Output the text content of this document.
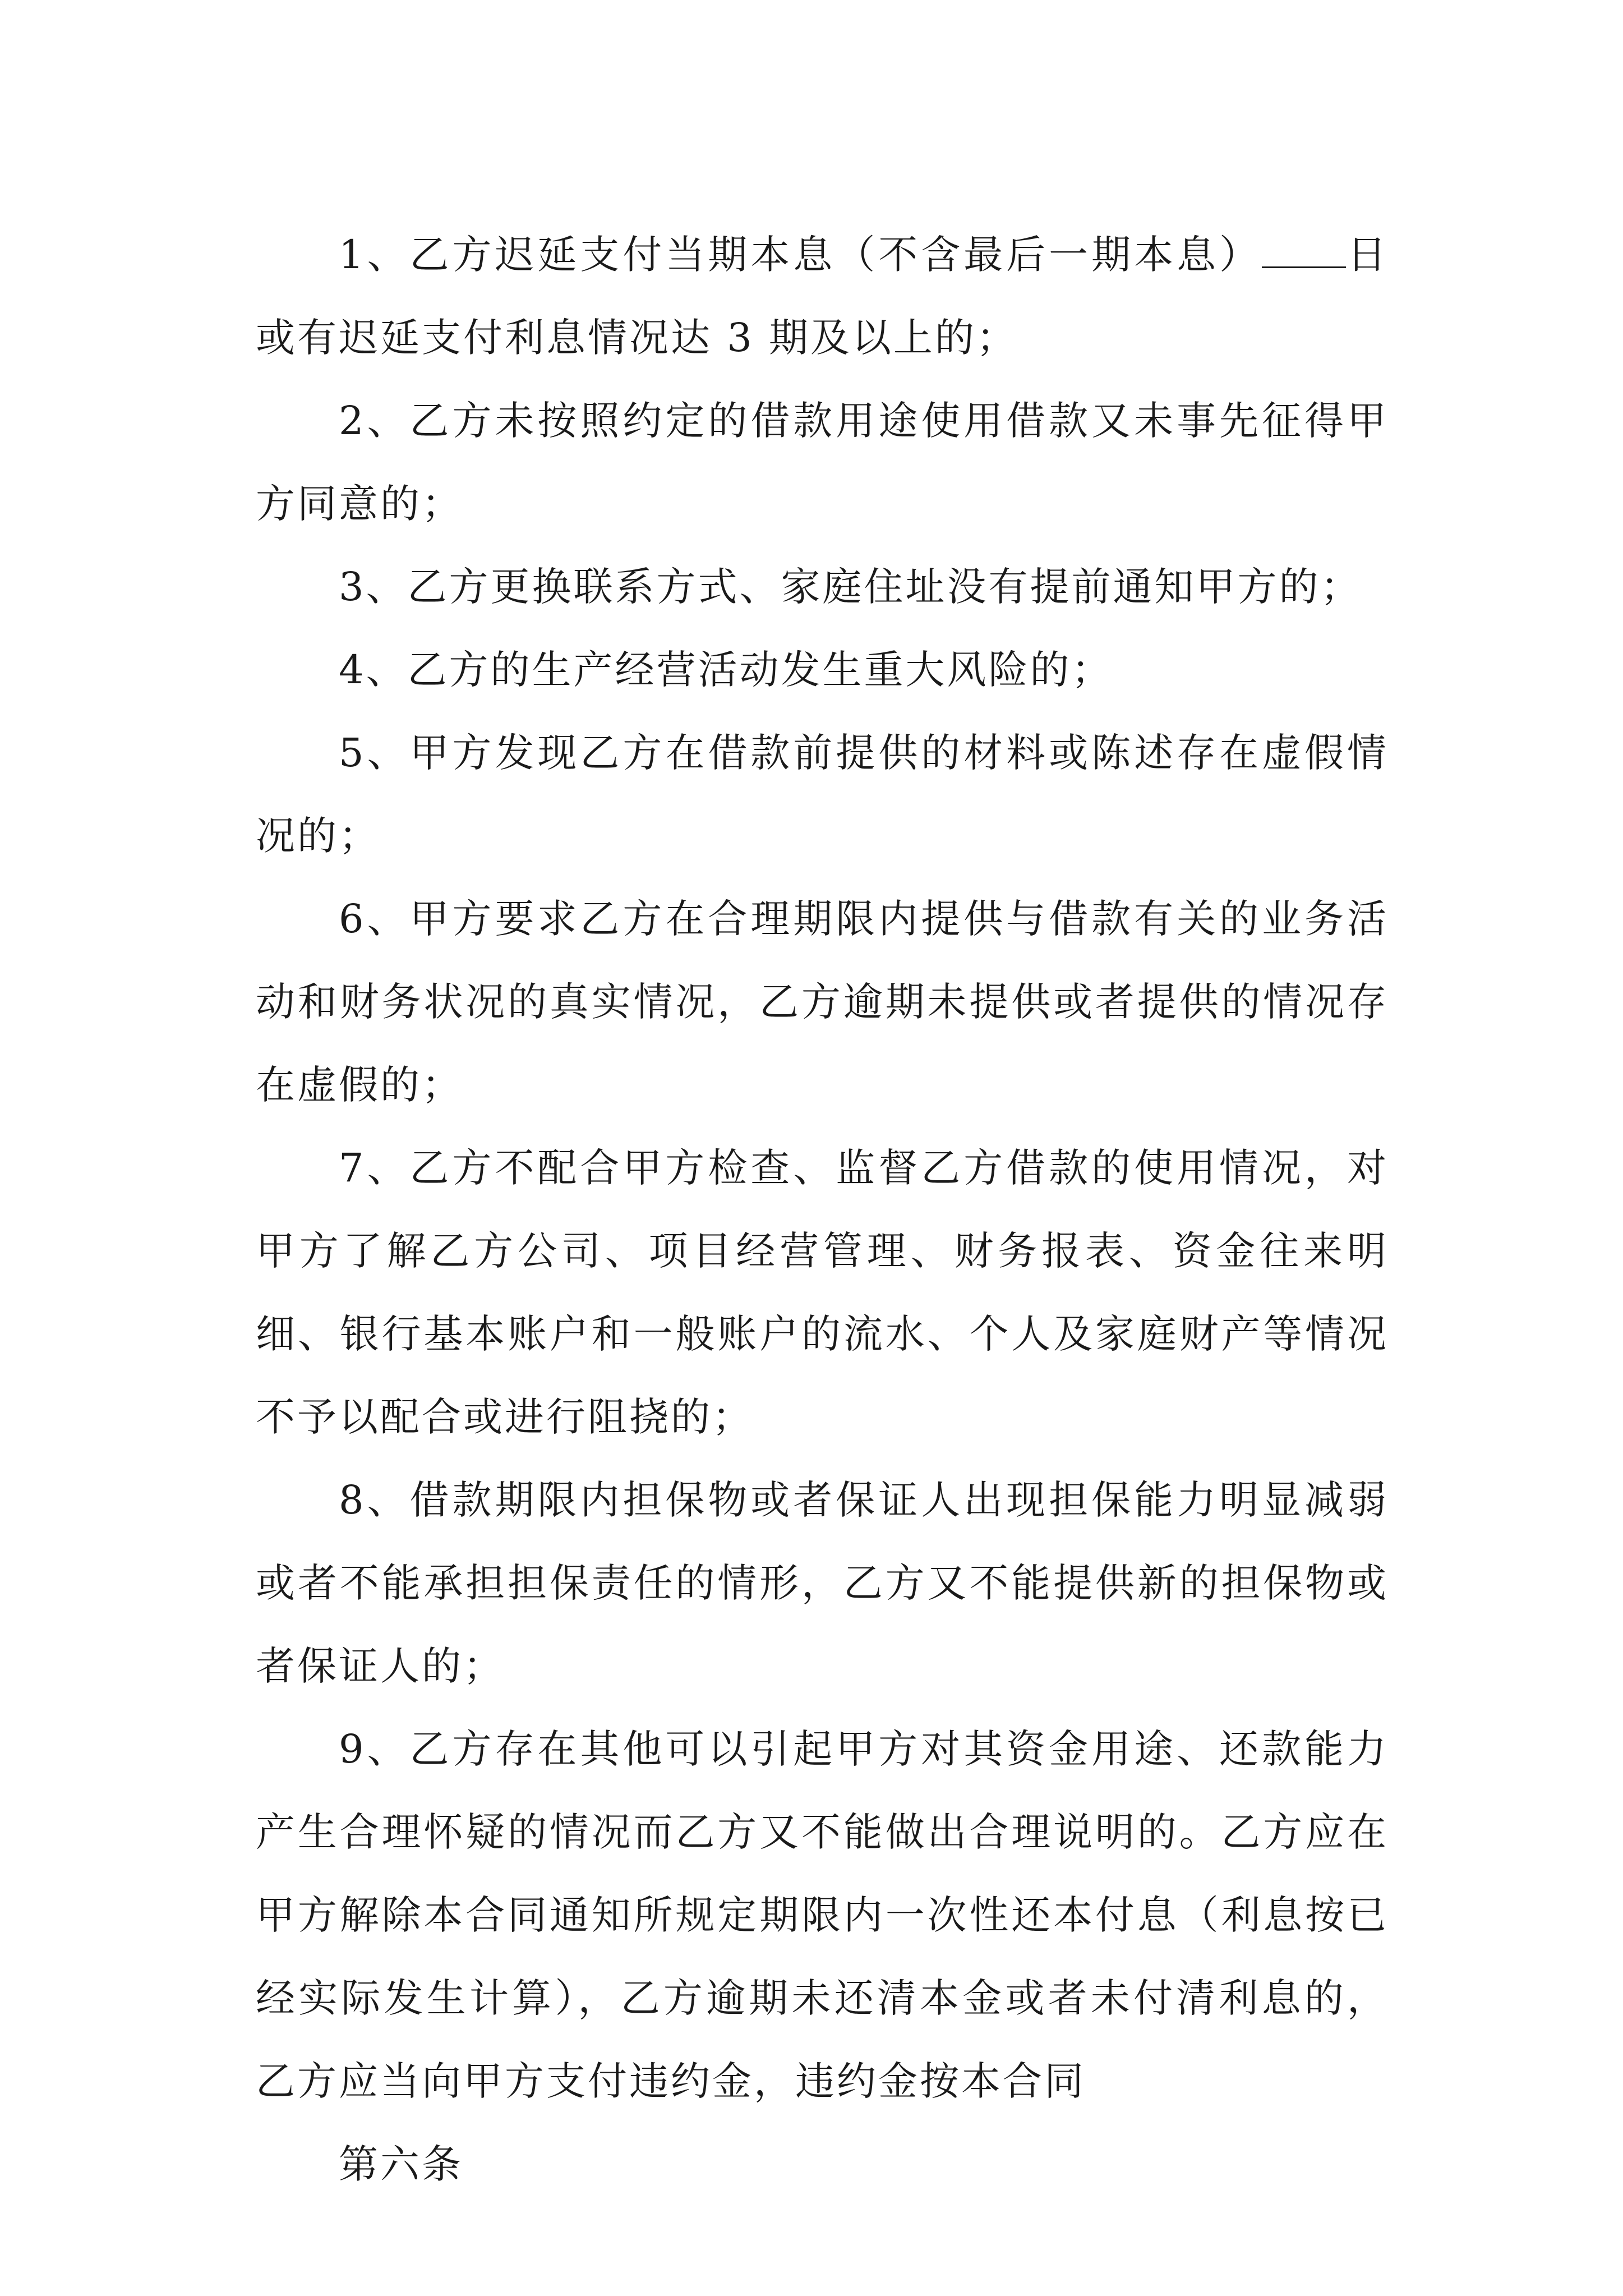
1、乙方迟延支付当期本息（不含最后一期本息） 日或有迟延支付利息情况达 3 期及以上的；

2、乙方未按照约定的借款用途使用借款又未事先征得甲方同意的；

3、乙方更换联系方式、家庭住址没有提前通知甲方的；

4、乙方的生产经营活动发生重大风险的；

5、甲方发现乙方在借款前提供的材料或陈述存在虚假情况的；

6、甲方要求乙方在合理期限内提供与借款有关的业务活动和财务状况的真实情况，乙方逾期未提供或者提供的情况存在虚假的；

7、乙方不配合甲方检查、监督乙方借款的使用情况，对甲方了解乙方公司、项目经营管理、财务报表、资金往来明细、银行基本账户和一般账户的流水、个人及家庭财产等情况不予以配合或进行阻挠的；

8、借款期限内担保物或者保证人出现担保能力明显减弱或者不能承担担保责任的情形，乙方又不能提供新的担保物或者保证人的；

9、乙方存在其他可以引起甲方对其资金用途、还款能力产生合理怀疑的情况而乙方又不能做出合理说明的。乙方应在甲方解除本合同通知所规定期限内一次性还本付息（利息按已经实际发生计算），乙方逾期未还清本金或者未付清利息的，乙方应当向甲方支付违约金，违约金按本合同

第六条
